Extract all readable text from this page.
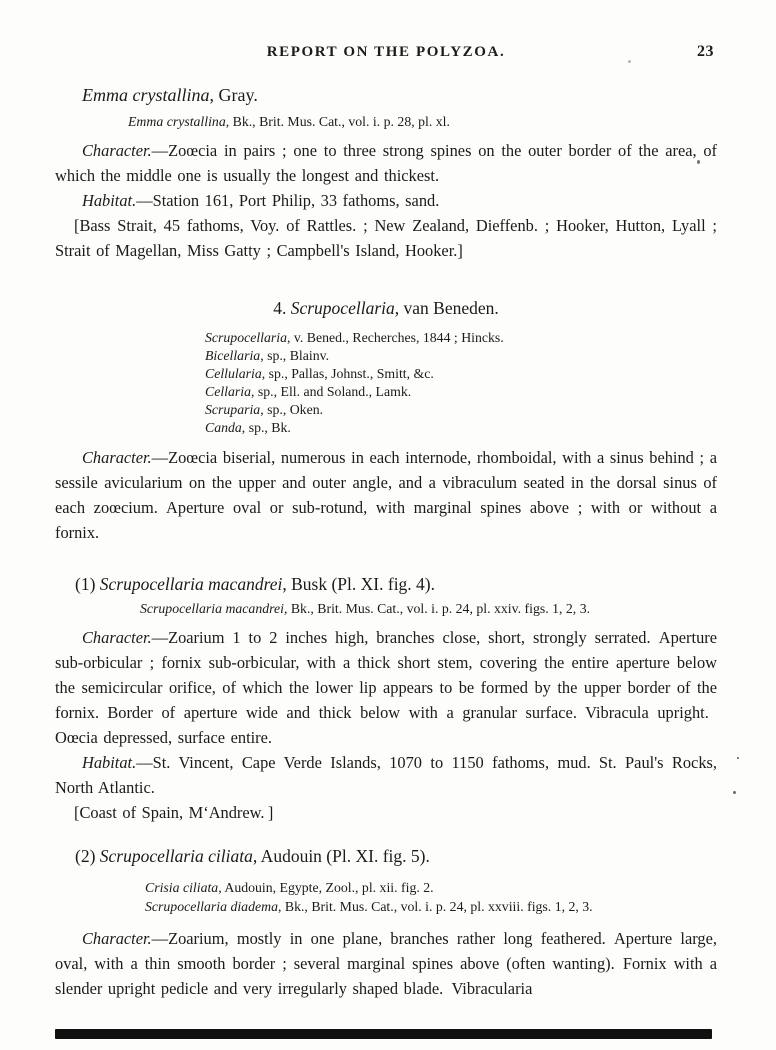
REPORT ON THE POLYZOA.	23
Emma crystallina, Gray.
Emma crystallina, Bk., Brit. Mus. Cat., vol. i. p. 28, pl. xl.

Character.—Zoœcia in pairs ; one to three strong spines on the outer border of the area, of which the middle one is usually the longest and thickest.

Habitat.—Station 161, Port Philip, 33 fathoms, sand.

[Bass Strait, 45 fathoms, Voy. of Rattles. ; New Zealand, Dieffenb. ; Hooker, Hutton, Lyall ; Strait of Magellan, Miss Gatty ; Campbell's Island, Hooker.]

4. Scrupocellaria, van Beneden.
Scrupocellaria, v. Bened., Recherches, 1844 ; Hincks.
Bicellaria, sp., Blainv.
Cellularia, sp., Pallas, Johnst., Smitt, &c.
Cellaria, sp., Ell. and Soland., Lamk.
Scruparia, sp., Oken.
Canda, sp., Bk.

Character.—Zoœcia biserial, numerous in each internode, rhomboidal, with a sinus behind ; a sessile avicularium on the upper and outer angle, and a vibraculum seated in the dorsal sinus of each zoœcium. Aperture oval or sub-rotund, with marginal spines above ; with or without a fornix.

(1) Scrupocellaria macandrei, Busk (Pl. XI. fig. 4).
Scrupocellaria macandrei, Bk., Brit. Mus. Cat., vol. i. p. 24, pl. xxiv. figs. 1, 2, 3.

Character.—Zoarium 1 to 2 inches high, branches close, short, strongly serrated. Aperture sub-orbicular ; fornix sub-orbicular, with a thick short stem, covering the entire aperture below the semicircular orifice, of which the lower lip appears to be formed by the upper border of the fornix. Border of aperture wide and thick below with a granular surface. Vibracula upright. Oœcia depressed, surface entire.

Habitat.—St. Vincent, Cape Verde Islands, 1070 to 1150 fathoms, mud. St. Paul's Rocks, North Atlantic.

[Coast of Spain, M‘Andrew. ]

(2) Scrupocellaria ciliata, Audouin (Pl. XI. fig. 5).
Crisia ciliata, Audouin, Egypte, Zool., pl. xii. fig. 2.
Scrupocellaria diadema, Bk., Brit. Mus. Cat., vol. i. p. 24, pl. xxviii. figs. 1, 2, 3.

Character.—Zoarium, mostly in one plane, branches rather long feathered. Aperture large, oval, with a thin smooth border ; several marginal spines above (often wanting). Fornix with a slender upright pedicle and very irregularly shaped blade. Vibracularia
